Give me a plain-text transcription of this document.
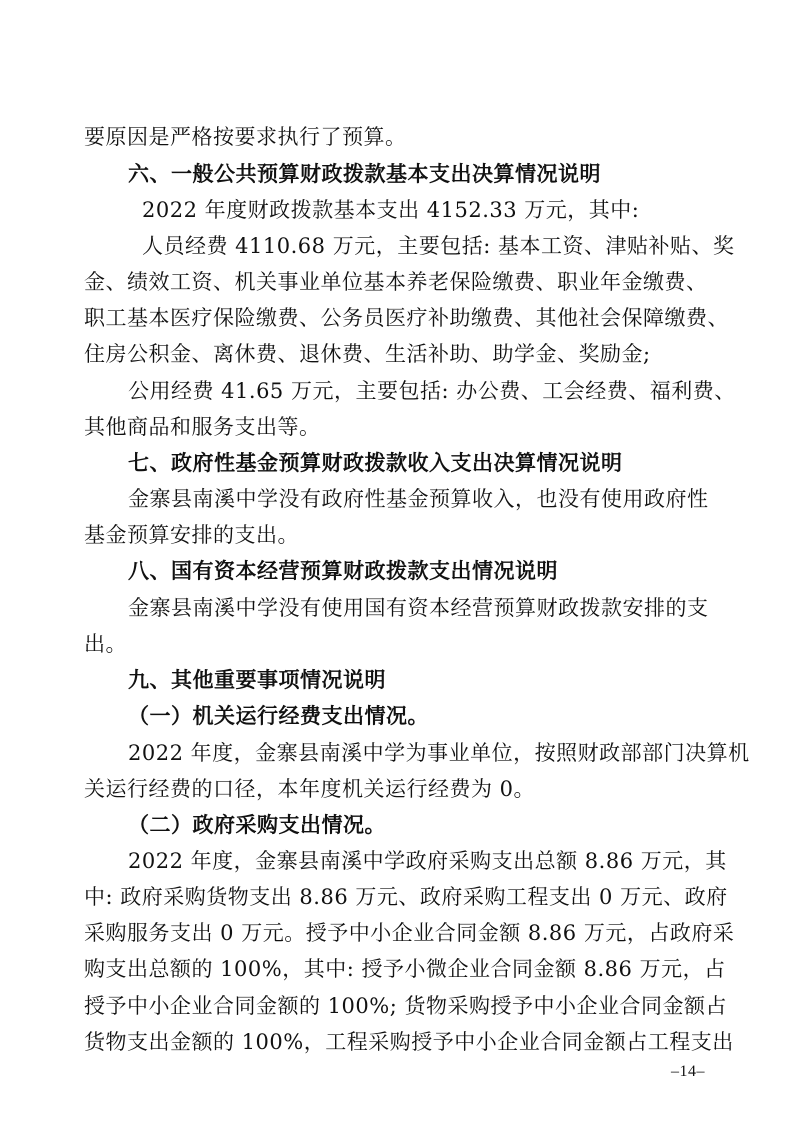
要原因是严格按要求执行了预算。
六、一般公共预算财政拨款基本支出决算情况说明
2022 年度财政拨款基本支出 4152.33 万元，其中:
人员经费 4110.68 万元，主要包括: 基本工资、津贴补贴、奖
金、绩效工资、机关事业单位基本养老保险缴费、职业年金缴费、
职工基本医疗保险缴费、公务员医疗补助缴费、其他社会保障缴费、
住房公积金、离休费、退休费、生活补助、助学金、奖励金;
公用经费 41.65 万元，主要包括: 办公费、工会经费、福利费、
其他商品和服务支出等。
七、政府性基金预算财政拨款收入支出决算情况说明
金寨县南溪中学没有政府性基金预算收入，也没有使用政府性
基金预算安排的支出。
八、国有资本经营预算财政拨款支出情况说明
金寨县南溪中学没有使用国有资本经营预算财政拨款安排的支
出。
九、其他重要事项情况说明
（一）机关运行经费支出情况。
2022 年度，金寨县南溪中学为事业单位，按照财政部部门决算机
关运行经费的口径，本年度机关运行经费为 0。
（二）政府采购支出情况。
2022 年度，金寨县南溪中学政府采购支出总额 8.86 万元，其
中: 政府采购货物支出 8.86 万元、政府采购工程支出 0 万元、政府
采购服务支出 0 万元。授予中小企业合同金额 8.86 万元，占政府采
购支出总额的 100%，其中: 授予小微企业合同金额 8.86 万元，占
授予中小企业合同金额的 100%; 货物采购授予中小企业合同金额占
货物支出金额的 100%，工程采购授予中小企业合同金额占工程支出
–14–
